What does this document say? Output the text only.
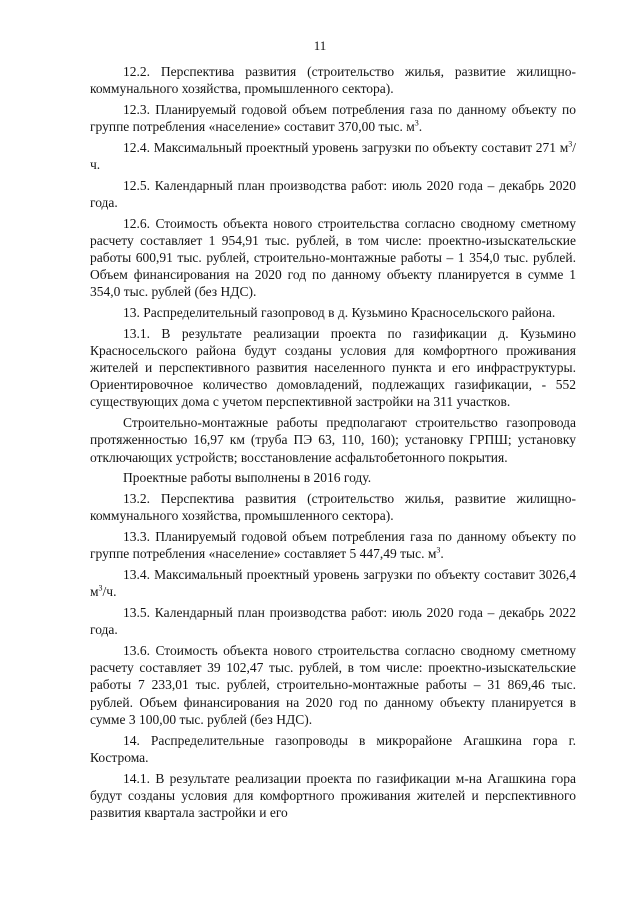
11

12.2. Перспектива развития (строительство жилья, развитие жилищно-коммунального хозяйства, промышленного сектора).

12.3. Планируемый годовой объем потребления газа по данному объекту по группе потребления «население» составит 370,00 тыс. $м^3$.

12.4. Максимальный проектный уровень загрузки по объекту составит 271 $м^3/ч$.

12.5. Календарный план производства работ: июль 2020 года – декабрь 2020 года.

12.6. Стоимость объекта нового строительства согласно сводному сметному расчету составляет 1 954,91 тыс. рублей, в том числе: проектно-изыскательские работы 600,91 тыс. рублей, строительно-монтажные работы – 1 354,0 тыс. рублей. Объем финансирования на 2020 год по данному объекту планируется в сумме 1 354,0 тыс. рублей (без НДС).

13. Распределительный газопровод в д. Кузьмино Красносельского района.

13.1. В результате реализации проекта по газификации д. Кузьмино Красносельского района будут созданы условия для комфортного проживания жителей и перспективного развития населенного пункта и его инфраструктуры. Ориентировочное количество домовладений, подлежащих газификации, - 552 существующих дома с учетом перспективной застройки на 311 участков.

Строительно-монтажные работы предполагают строительство газопровода протяженностью 16,97 км (труба ПЭ 63, 110, 160); установку ГРПШ; установку отключающих устройств; восстановление асфальтобетонного покрытия.

Проектные работы выполнены в 2016 году.

13.2. Перспектива развития (строительство жилья, развитие жилищно-коммунального хозяйства, промышленного сектора).

13.3. Планируемый годовой объем потребления газа по данному объекту по группе потребления «население» составляет 5 447,49 тыс. $м^3$.

13.4. Максимальный проектный уровень загрузки по объекту составит 3026,4 $м^3/ч$.

13.5. Календарный план производства работ: июль 2020 года – декабрь 2022 года.

13.6. Стоимость объекта нового строительства согласно сводному сметному расчету составляет 39 102,47 тыс. рублей, в том числе: проектно-изыскательские работы 7 233,01 тыс. рублей, строительно-монтажные работы – 31 869,46 тыс. рублей. Объем финансирования на 2020 год по данному объекту планируется в сумме 3 100,00 тыс. рублей (без НДС).

14. Распределительные газопроводы в микрорайоне Агашкина гора г. Кострома.

14.1. В результате реализации проекта по газификации м-на Агашкина гора будут созданы условия для комфортного проживания жителей и перспективного развития квартала застройки и его
